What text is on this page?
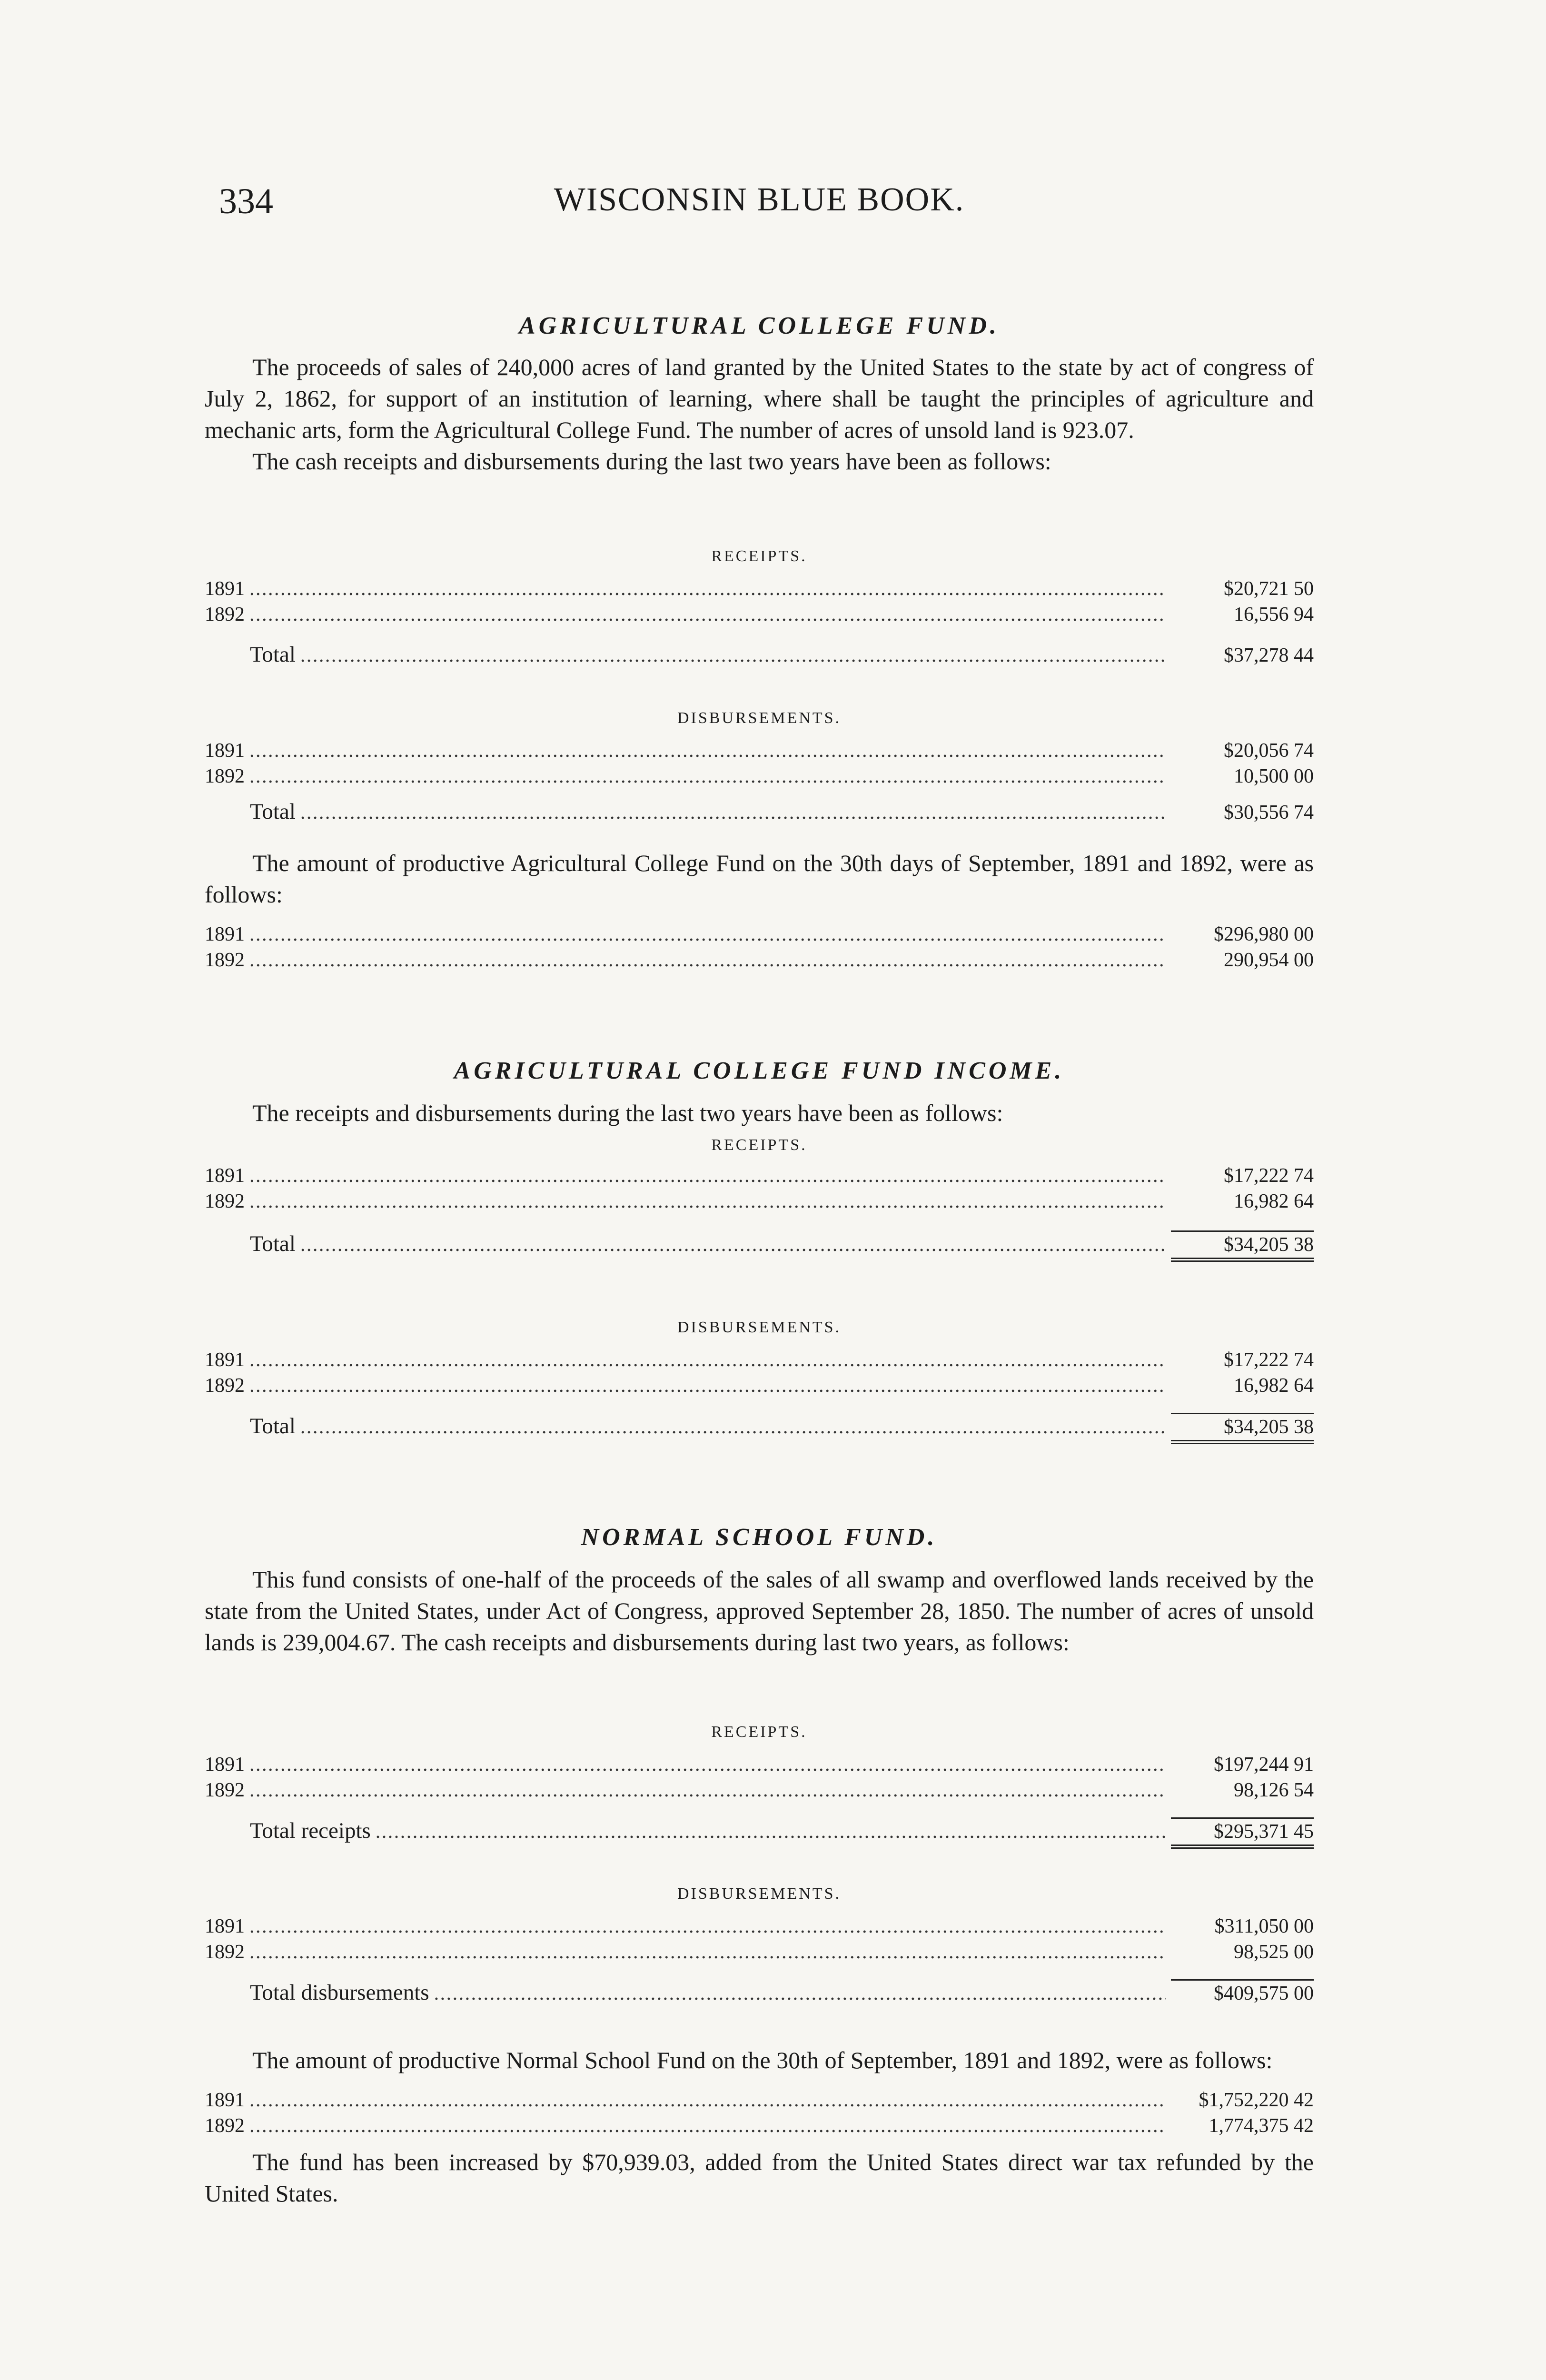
334	WISCONSIN BLUE BOOK.
AGRICULTURAL COLLEGE FUND.

The proceeds of sales of 240,000 acres of land granted by the United States to the state by act of congress of July 2, 1862, for support of an institution of learning, where shall be taught the principles of agriculture and mechanic arts, form the Agricultural College Fund. The number of acres of unsold land is 923.07.

The cash receipts and disbursements during the last two years have been as follows:

RECEIPTS.

1891 . . .	$20,721 50
1892 . . .	16,556 94
Total . . .	$37,278 44

DISBURSEMENTS.

1891 . . .	$20,056 74
1892 . . .	10,500 00
Total . . .	$30,556 74

The amount of productive Agricultural College Fund on the 30th days of September, 1891 and 1892, were as follows:

1891 . . .	$296,980 00
1892 . . .	290,954 00
AGRICULTURAL COLLEGE FUND INCOME.

The receipts and disbursements during the last two years have been as follows:

RECEIPTS.

1891 . . .	$17,222 74
1892 . . .	16,982 64
Total . . .	$34,205 38

DISBURSEMENTS.

1891 . . .	$17,222 74
1892 . . .	16,982 64
Total . . .	$34,205 38
NORMAL SCHOOL FUND.

This fund consists of one-half of the proceeds of the sales of all swamp and overflowed lands received by the state from the United States, under Act of Congress, approved September 28, 1850. The number of acres of unsold lands is 239,004.67. The cash receipts and disbursements during last two years, as follows:

RECEIPTS.

1891 . . .	$197,244 91
1892 . . .	98,126 54
Total receipts . . .	$295,371 45

DISBURSEMENTS.

1891 . . .	$311,050 00
1892 . . .	98,525 00
Total disbursements . . .	$409,575 00

The amount of productive Normal School Fund on the 30th of September, 1891 and 1892, were as follows:

1891 . . .	$1,752,220 42
1892 . . .	1,774,375 42

The fund has been increased by $70,939.03, added from the United States direct war tax refunded by the United States.
